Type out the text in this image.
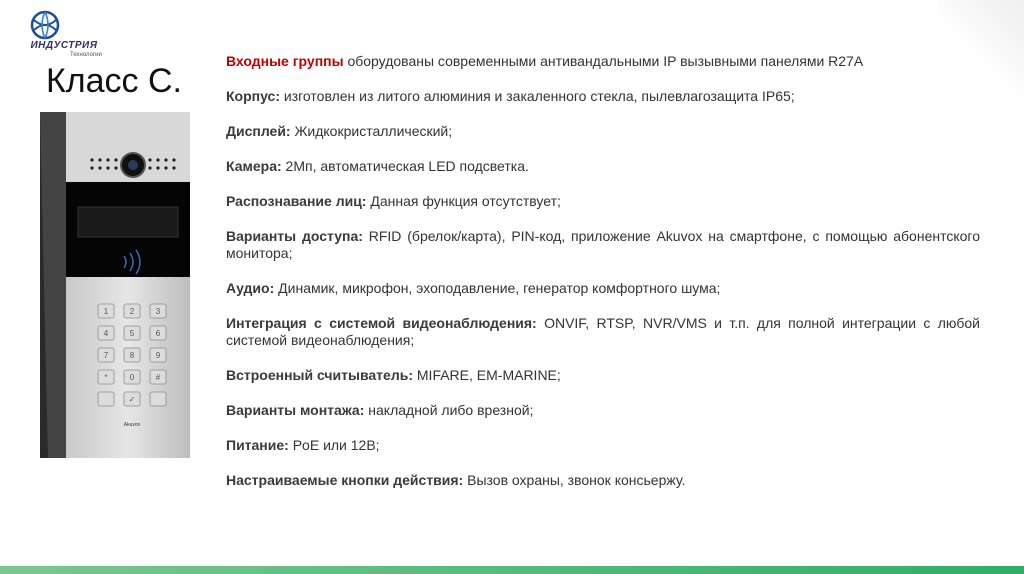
ИНДУСТРИЯ
Технологии
Класс С.
1	2	3
4	5	6
7	8	9
*	0	#
✓
Akuvox

Входные группы оборудованы современными антивандальными IP вызывными панелями R27A

Корпус: изготовлен из литого алюминия и закаленного стекла, пылевлагозащита IP65;

Дисплей: Жидкокристаллический;

Камера: 2Мп, автоматическая LED подсветка.

Распознавание лиц: Данная функция отсутствует;

Варианты доступа: RFID (брелок/карта), PIN-код, приложение Akuvox на смартфоне, с помощью абонентского монитора;

Аудио: Динамик, микрофон, эхоподавление, генератор комфортного шума;

Интеграция с системой видеонаблюдения: ONVIF, RTSP, NVR/VMS и т.п. для полной интеграции с любой системой видеонаблюдения;

Встроенный считыватель: MIFARE, EM-MARINE;

Варианты монтажа: накладной либо врезной;

Питание: PoE или 12В;

Настраиваемые кнопки действия: Вызов охраны, звонок консьержу.
